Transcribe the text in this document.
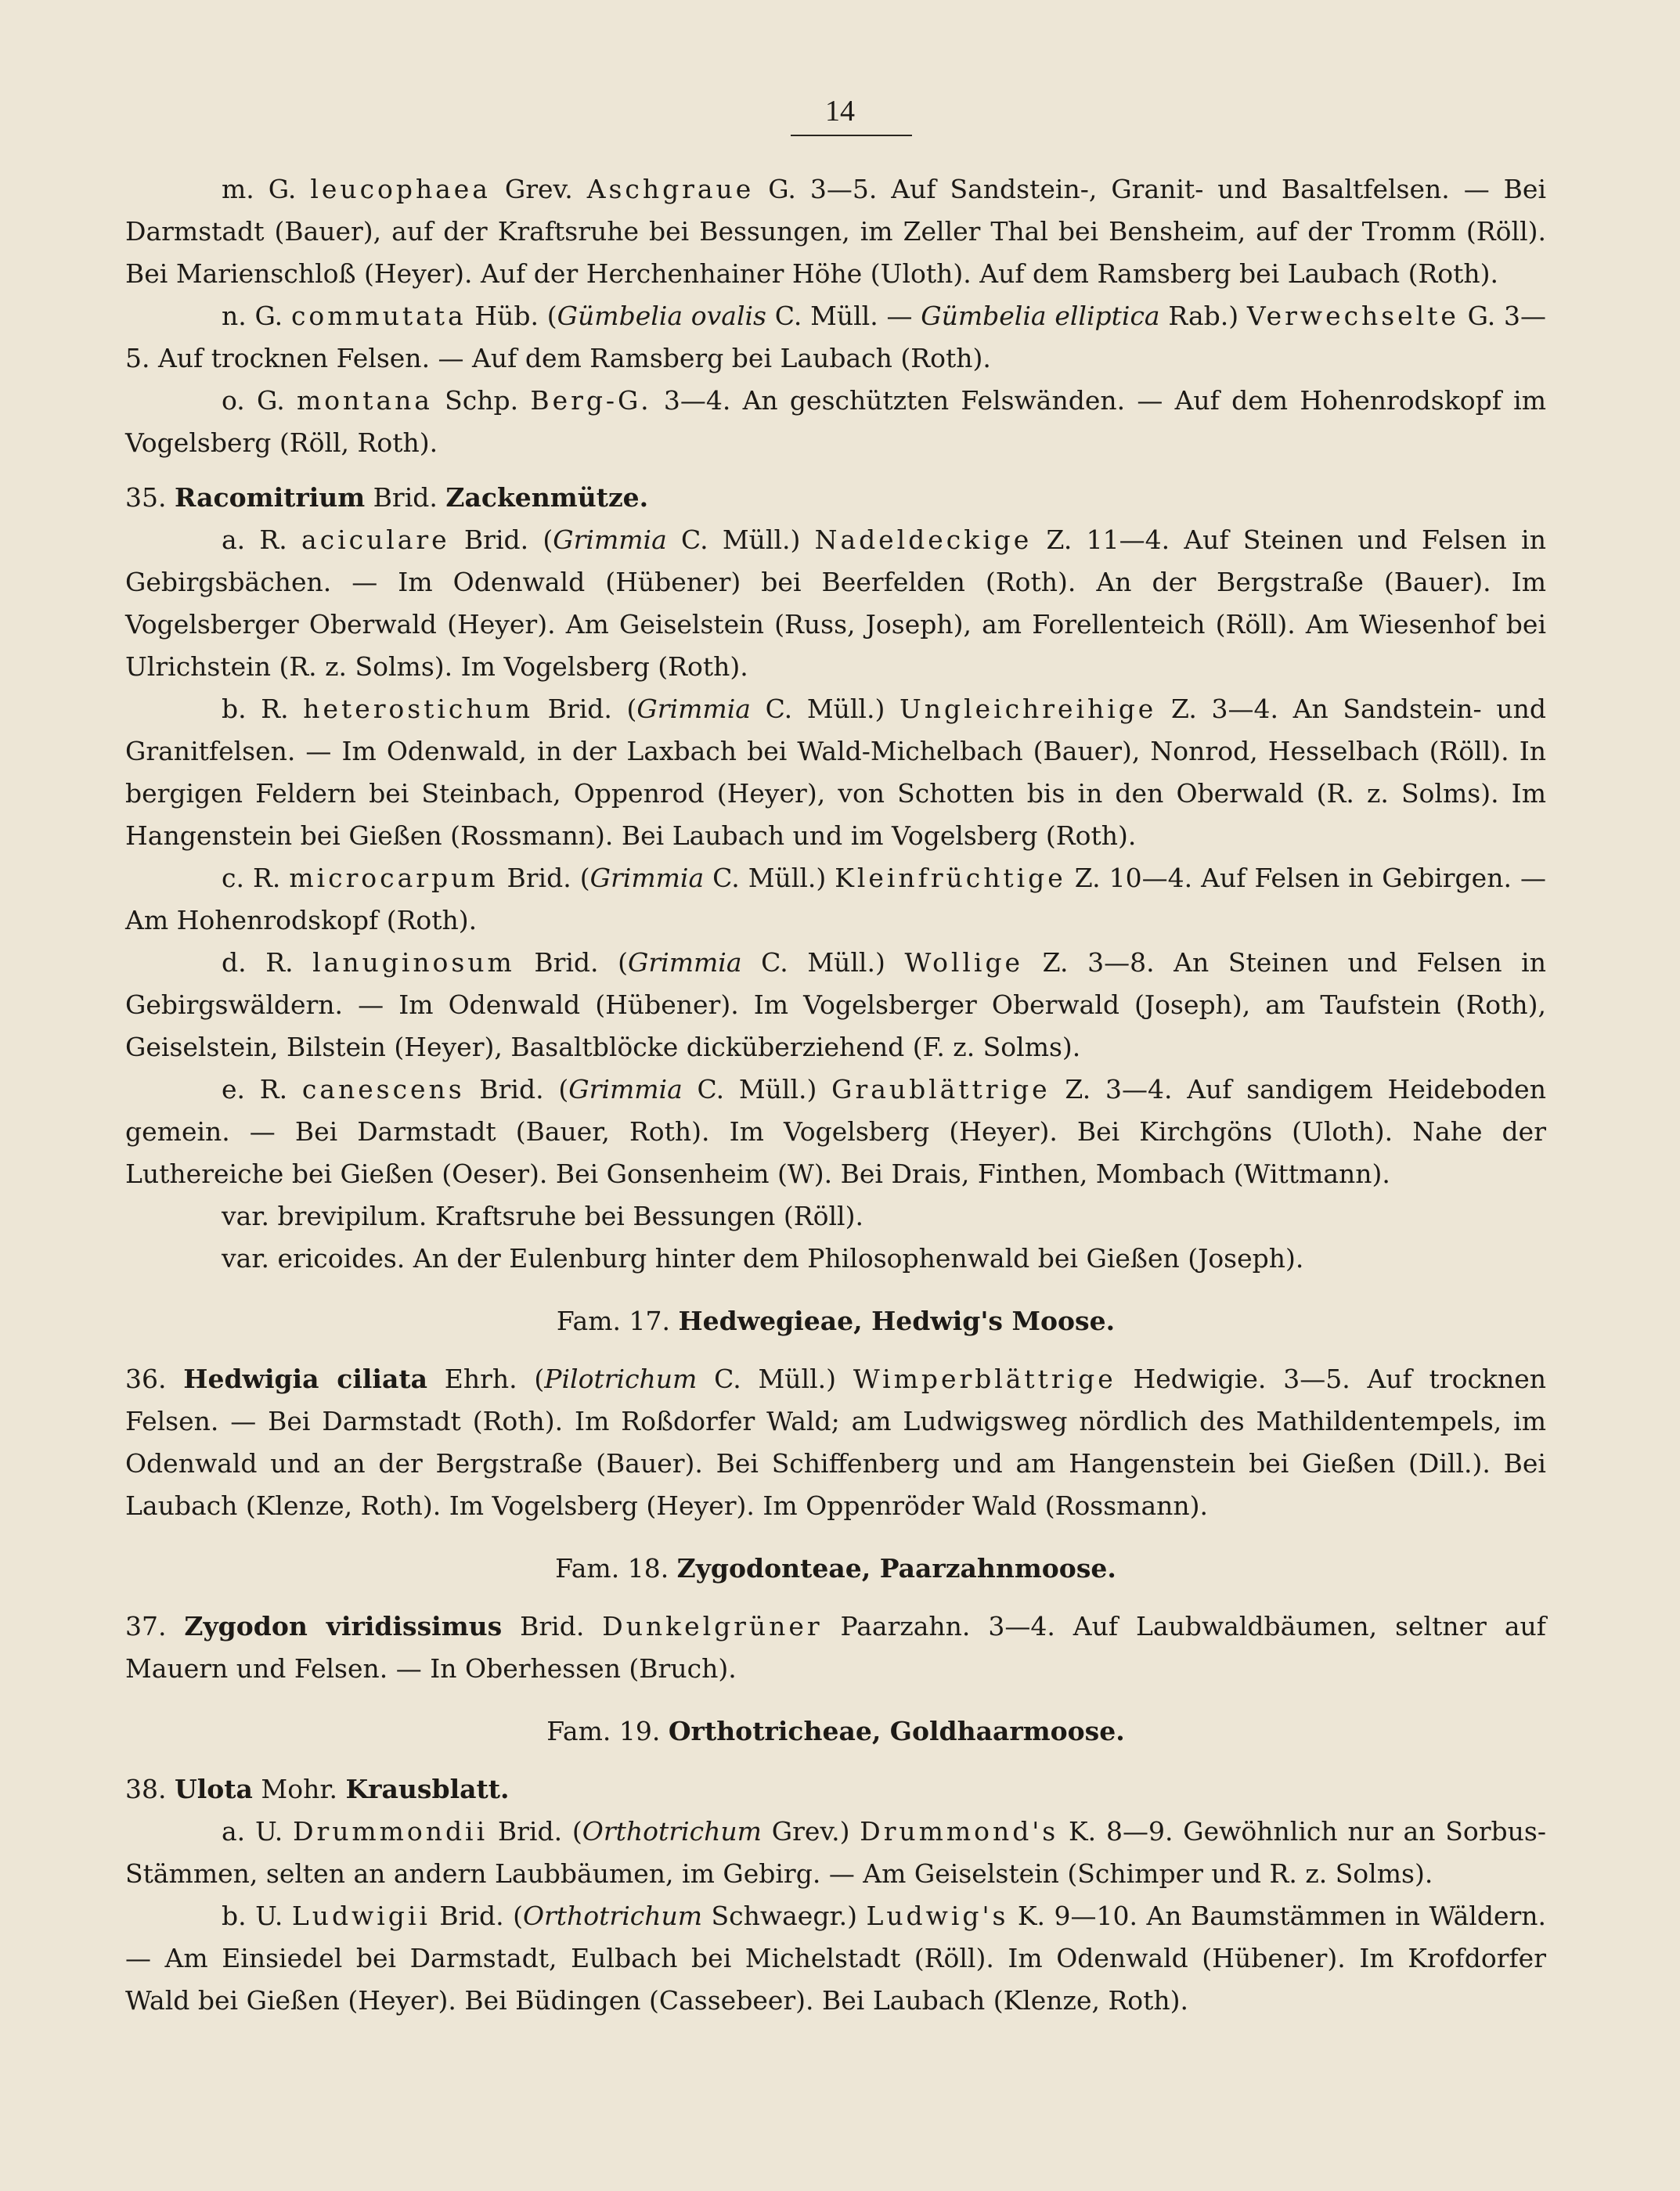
14

m. G. leucophaea Grev. Aschgraue G. 3—5. Auf Sandstein-, Granit- und Basaltfelsen. — Bei Darmstadt (Bauer), auf der Kraftsruhe bei Bessungen, im Zeller Thal bei Bensheim, auf der Tromm (Röll). Bei Marienschloß (Heyer). Auf der Herchenhainer Höhe (Uloth). Auf dem Ramsberg bei Laubach (Roth).

n. G. commutata Hüb. (Gümbelia ovalis C. Müll. — Gümbelia elliptica Rab.) Verwechselte G. 3—5. Auf trocknen Felsen. — Auf dem Ramsberg bei Laubach (Roth).

o. G. montana Schp. Berg-G. 3—4. An geschützten Felswänden. — Auf dem Hohenrodskopf im Vogelsberg (Röll, Roth).

35. Racomitrium Brid. Zackenmütze.

a. R. aciculare Brid. (Grimmia C. Müll.) Nadeldeckige Z. 11—4. Auf Steinen und Felsen in Gebirgsbächen. — Im Odenwald (Hübener) bei Beerfelden (Roth). An der Bergstraße (Bauer). Im Vogelsberger Oberwald (Heyer). Am Geiselstein (Russ, Joseph), am Forellenteich (Röll). Am Wiesenhof bei Ulrichstein (R. z. Solms). Im Vogelsberg (Roth).

b. R. heterostichum Brid. (Grimmia C. Müll.) Ungleichreihige Z. 3—4. An Sandstein- und Granitfelsen. — Im Odenwald, in der Laxbach bei Wald-Michelbach (Bauer), Nonrod, Hesselbach (Röll). In bergigen Feldern bei Steinbach, Oppenrod (Heyer), von Schotten bis in den Oberwald (R. z. Solms). Im Hangenstein bei Gießen (Rossmann). Bei Laubach und im Vogelsberg (Roth).

c. R. microcarpum Brid. (Grimmia C. Müll.) Kleinfrüchtige Z. 10—4. Auf Felsen in Gebirgen. — Am Hohenrodskopf (Roth).

d. R. lanuginosum Brid. (Grimmia C. Müll.) Wollige Z. 3—8. An Steinen und Felsen in Gebirgswäldern. — Im Odenwald (Hübener). Im Vogelsberger Oberwald (Joseph), am Taufstein (Roth), Geiselstein, Bilstein (Heyer), Basaltblöcke dicküberziehend (F. z. Solms).

e. R. canescens Brid. (Grimmia C. Müll.) Graublättrige Z. 3—4. Auf sandigem Heideboden gemein. — Bei Darmstadt (Bauer, Roth). Im Vogelsberg (Heyer). Bei Kirchgöns (Uloth). Nahe der Luthereiche bei Gießen (Oeser). Bei Gonsenheim (W). Bei Drais, Finthen, Mombach (Wittmann).

var. brevipilum. Kraftsruhe bei Bessungen (Röll).

var. ericoides. An der Eulenburg hinter dem Philosophenwald bei Gießen (Joseph).

Fam. 17. Hedwegieae, Hedwig's Moose.

36. Hedwigia ciliata Ehrh. (Pilotrichum C. Müll.) Wimperblättrige Hedwigie. 3—5. Auf trocknen Felsen. — Bei Darmstadt (Roth). Im Roßdorfer Wald; am Ludwigsweg nördlich des Mathildentempels, im Odenwald und an der Bergstraße (Bauer). Bei Schiffenberg und am Hangenstein bei Gießen (Dill.). Bei Laubach (Klenze, Roth). Im Vogelsberg (Heyer). Im Oppenröder Wald (Rossmann).

Fam. 18. Zygodonteae, Paarzahnmoose.

37. Zygodon viridissimus Brid. Dunkelgrüner Paarzahn. 3—4. Auf Laubwaldbäumen, seltner auf Mauern und Felsen. — In Oberhessen (Bruch).

Fam. 19. Orthotricheae, Goldhaarmoose.

38. Ulota Mohr. Krausblatt.

a. U. Drummondii Brid. (Orthotrichum Grev.) Drummond's K. 8—9. Gewöhnlich nur an Sorbus-Stämmen, selten an andern Laubbäumen, im Gebirg. — Am Geiselstein (Schimper und R. z. Solms).

b. U. Ludwigii Brid. (Orthotrichum Schwaegr.) Ludwig's K. 9—10. An Baumstämmen in Wäldern. — Am Einsiedel bei Darmstadt, Eulbach bei Michelstadt (Röll). Im Odenwald (Hübener). Im Krofdorfer Wald bei Gießen (Heyer). Bei Büdingen (Cassebeer). Bei Laubach (Klenze, Roth).
